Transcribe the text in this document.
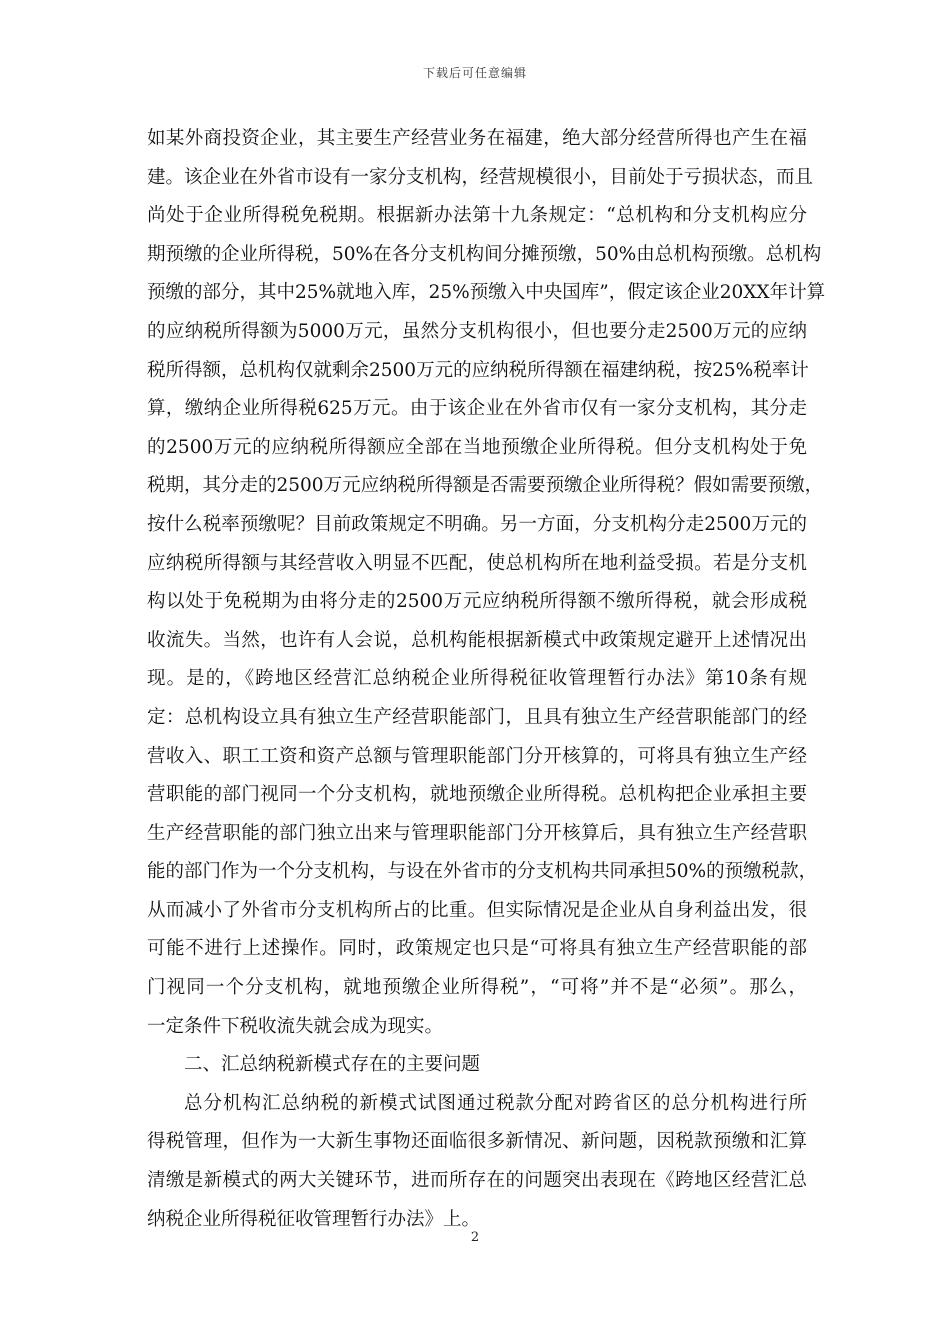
下载后可任意编辑
如某外商投资企业，其主要生产经营业务在福建，绝大部分经营所得也产生在福
建。该企业在外省市设有一家分支机构，经营规模很小，目前处于亏损状态，而且
尚处于企业所得税免税期。根据新办法第十九条规定：“总机构和分支机构应分
期预缴的企业所得税，50%在各分支机构间分摊预缴，50%由总机构预缴。总机构
预缴的部分，其中25%就地入库，25%预缴入中央国库”，假定该企业20XX年计算
的应纳税所得额为5000万元，虽然分支机构很小，但也要分走2500万元的应纳
税所得额，总机构仅就剩余2500万元的应纳税所得额在福建纳税，按25%税率计
算，缴纳企业所得税625万元。由于该企业在外省市仅有一家分支机构，其分走
的2500万元的应纳税所得额应全部在当地预缴企业所得税。但分支机构处于免
税期，其分走的2500万元应纳税所得额是否需要预缴企业所得税？假如需要预缴，
按什么税率预缴呢？目前政策规定不明确。另一方面，分支机构分走2500万元的
应纳税所得额与其经营收入明显不匹配，使总机构所在地利益受损。若是分支机
构以处于免税期为由将分走的2500万元应纳税所得额不缴所得税，就会形成税
收流失。当然，也许有人会说，总机构能根据新模式中政策规定避开上述情况出
现。是的，《跨地区经营汇总纳税企业所得税征收管理暂行办法》第10条有规
定：总机构设立具有独立生产经营职能部门，且具有独立生产经营职能部门的经
营收入、职工工资和资产总额与管理职能部门分开核算的，可将具有独立生产经
营职能的部门视同一个分支机构，就地预缴企业所得税。总机构把企业承担主要
生产经营职能的部门独立出来与管理职能部门分开核算后，具有独立生产经营职
能的部门作为一个分支机构，与设在外省市的分支机构共同承担50%的预缴税款，
从而减小了外省市分支机构所占的比重。但实际情况是企业从自身利益出发，很
可能不进行上述操作。同时，政策规定也只是“可将具有独立生产经营职能的部
门视同一个分支机构，就地预缴企业所得税”，“可将”并不是“必须”。那么，
一定条件下税收流失就会成为现实。
二、汇总纳税新模式存在的主要问题
总分机构汇总纳税的新模式试图通过税款分配对跨省区的总分机构进行所
得税管理，但作为一大新生事物还面临很多新情况、新问题，因税款预缴和汇算
清缴是新模式的两大关键环节，进而所存在的问题突出表现在《跨地区经营汇总
纳税企业所得税征收管理暂行办法》上。
2
